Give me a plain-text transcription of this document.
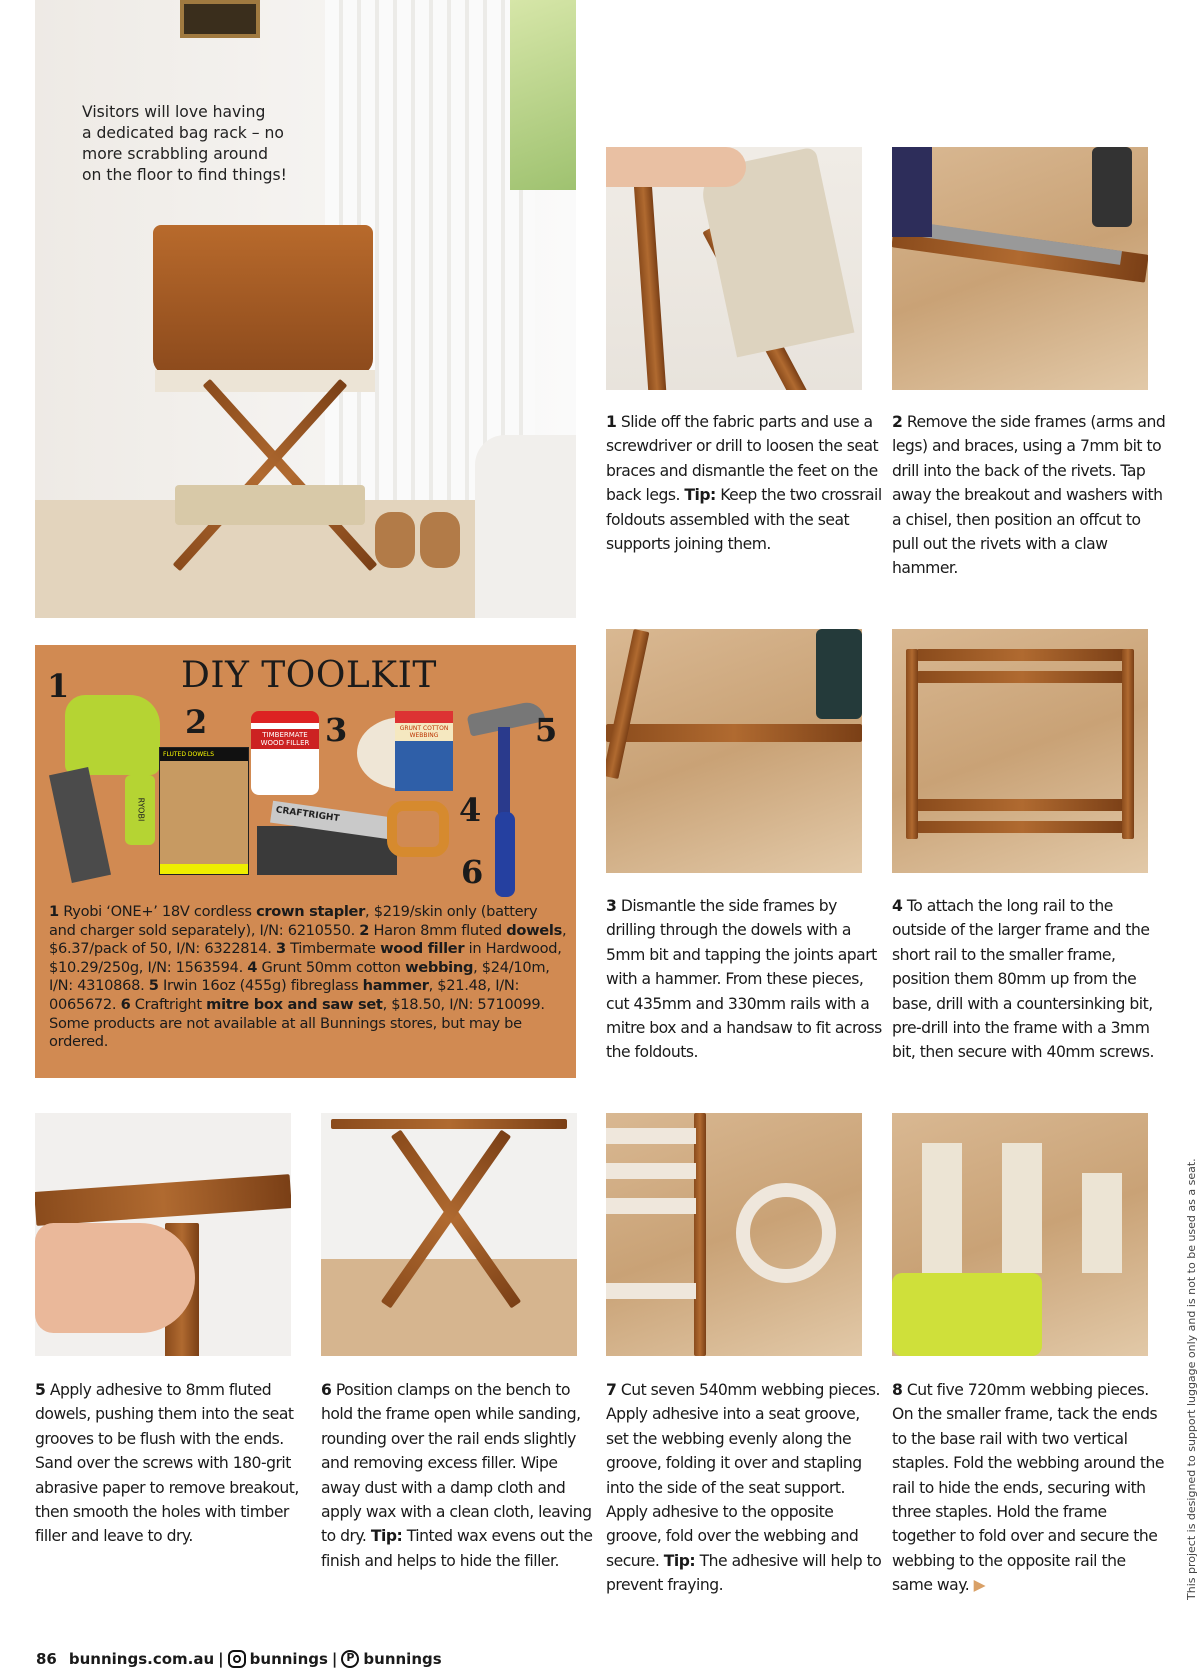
Visitors will love having
a dedicated bag rack – no
more scrabbling around
on the floor to find things!
RYOBI
FLUTED DOWELS
TIMBERMATE WOOD FILLER
GRUNT COTTON WEBBING
CRAFTRIGHT
DIY TOOLKIT
1
2	3
4
5
6
1 Ryobi ‘ONE+’ 18V cordless crown stapler, $219/skin only (battery and charger sold separately), I/N: 6210550. 2 Haron 8mm fluted dowels, $6.37/pack of 50, I/N: 6322814. 3 Timbermate wood filler in Hardwood, $10.29/250g, I/N: 1563594. 4 Grunt 50mm cotton webbing, $24/10m, I/N: 4310868. 5 Irwin 16oz (455g) fibreglass hammer, $21.48, I/N: 0065672. 6 Craftright mitre box and saw set, $18.50, I/N: 5710099. Some products are not available at all Bunnings stores, but may be ordered.
1 Slide off the fabric parts and use a screwdriver or drill to loosen the seat braces and dismantle the feet on the back legs. Tip: Keep the two crossrail foldouts assembled with the seat supports joining them.
2 Remove the side frames (arms and legs) and braces, using a 7mm bit to drill into the back of the rivets. Tap away the breakout and washers with a chisel, then position an offcut to pull out the rivets with a claw hammer.
3 Dismantle the side frames by drilling through the dowels with a 5mm bit and tapping the joints apart with a hammer. From these pieces, cut 435mm and 330mm rails with a mitre box and a handsaw to fit across the foldouts.
4 To attach the long rail to the outside of the larger frame and the short rail to the smaller frame, position them 80mm up from the base, drill with a countersinking bit, pre-drill into the frame with a 3mm bit, then secure with 40mm screws.
5 Apply adhesive to 8mm fluted dowels, pushing them into the seat grooves to be flush with the ends. Sand over the screws with 180-grit abrasive paper to remove breakout, then smooth the holes with timber filler and leave to dry.
6 Position clamps on the bench to hold the frame open while sanding, rounding over the rail ends slightly and removing excess filler. Wipe away dust with a damp cloth and apply wax with a clean cloth, leaving to dry. Tip: Tinted wax evens out the finish and helps to hide the filler.
7 Cut seven 540mm webbing pieces. Apply adhesive into a seat groove, set the webbing evenly along the groove, folding it over and stapling into the side of the seat support. Apply adhesive to the opposite groove, fold over the webbing and secure. Tip: The adhesive will help to prevent fraying.
8 Cut five 720mm webbing pieces. On the smaller frame, tack the ends to the base rail with two vertical staples. Fold the webbing around the rail to hide the ends, securing with three staples. Hold the frame together to fold over and secure the webbing to the opposite rail the same way. ▶
86 bunnings.com.au | bunnings | P bunnings
This project is designed to support luggage only and is not to be used as a seat.
